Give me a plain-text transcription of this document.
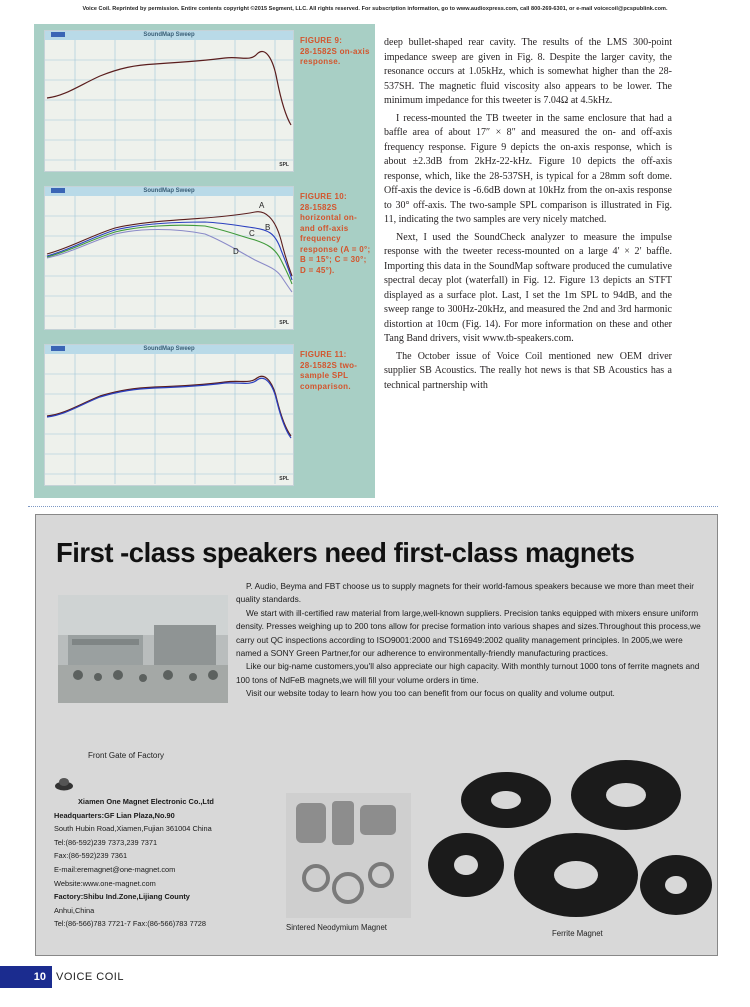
Voice Coil. Reprinted by permission. Entire contents copyright ©2015 Segment, LLC. All rights reserved. For subscription information, go to www.audioxpress.com, call 800-269-6301, or e-mail voicecoil@pcspublink.com.
SoundMap Sweep
SPL
FIGURE 9:
28-1582S on-axis response.
SoundMap Sweep
A
B
C
D
SPL
FIGURE 10:
28-1582S horizontal on- and off-axis frequency response (A = 0°; B = 15°; C = 30°; D = 45°).
SoundMap Sweep
SPL
FIGURE 11:
28-1582S two-sample SPL comparison.

deep bullet-shaped rear cavity. The results of the LMS 300-point impedance sweep are given in Fig. 8. Despite the larger cavity, the resonance occurs at 1.05kHz, which is somewhat higher than the 28-537SH. The magnetic fluid viscosity also appears to be lower. The minimum impedance for this tweeter is 7.04Ω at 4.5kHz.

I recess-mounted the TB tweeter in the same enclosure that had a baffle area of about 17″ × 8″ and measured the on- and off-axis frequency response. Figure 9 depicts the on-axis response, which is about ±2.3dB from 2kHz-22-kHz. Figure 10 depicts the off-axis response, which, like the 28-537SH, is typical for a 28mm soft dome. Off-axis the device is -6.6dB down at 10kHz from the on-axis response to 30° off-axis. The two-sample SPL comparison is illustrated in Fig. 11, indicating the two samples are very nicely matched.

Next, I used the SoundCheck analyzer to measure the impulse response with the tweeter recess-mounted on a large 4′ × 2′ baffle. Importing this data in the SoundMap software produced the cumulative spectral decay plot (waterfall) in Fig. 12. Figure 13 depicts an STFT displayed as a surface plot. Last, I set the 1m SPL to 94dB, and the sweep range to 300Hz-20kHz, and measured the 2nd and 3rd harmonic distortion at 10cm (Fig. 14). For more information on these and other Tang Band drivers, visit www.tb-speakers.com.

The October issue of Voice Coil mentioned new OEM driver supplier SB Acoustics. The really hot news is that SB Acoustics has a technical partnership with

First -class speakers need first-class magnets

P. Audio, Beyma and FBT choose us to supply magnets for their world-famous speakers because we more than meet their quality standards.

We start with ill-certified raw material from large,well-known suppliers. Precision tanks equipped with mixers ensure uniform density. Presses weighing up to 200 tons allow for precise formation into various shapes and sizes.Throughout this process,we carry out QC inspections according to ISO9001:2000 and TS16949:2002 quality management principles. In 2005,we were named a SONY Green Partner,for our adherence to environmentally-friendly manufacturing practices.

Like our big-name customers,you'll also appreciate our high capacity. With monthly turnout 1000 tons of ferrite magnets and 100 tons of NdFeB magnets,we will fill your volume orders in time.

Visit our website today to learn how you too can benefit from our focus on quality and volume output.

Front Gate of Factory
Xiamen One Magnet Electronic Co.,Ltd
Headquarters:GF Lian Plaza,No.90
South Hubin Road,Xiamen,Fujian 361004 China
Tel:(86-592)239 7373,239 7371
Fax:(86-592)239 7361
E-mail:eremagnet@one-magnet.com
Website:www.one-magnet.com
Factory:Shibu Ind.Zone,Lijiang County
Anhui,China
Tel:(86-566)783 7721-7 Fax:(86-566)783 7728	Sintered Neodymium Magnet
Ferrite Magnet
10 VOICE COIL
